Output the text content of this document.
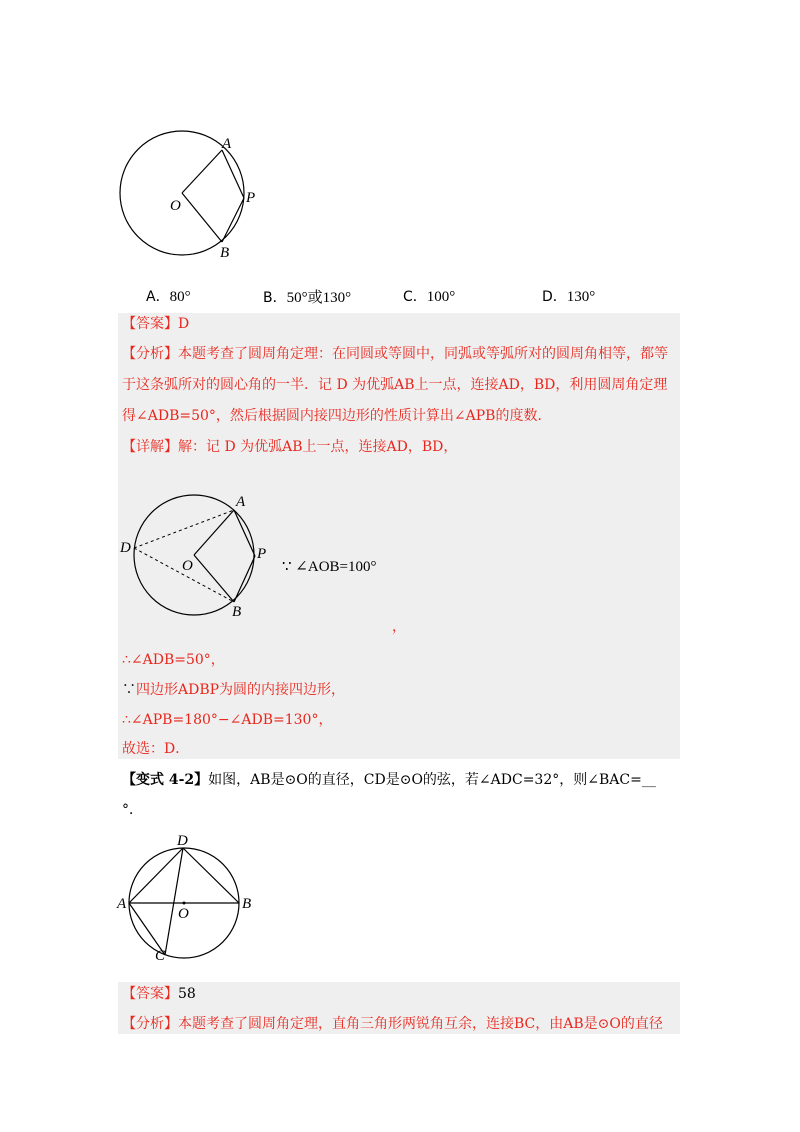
A
O	P
B
A．80°	B．50°或130°	C．100°	D．130°
【答案】D
【分析】本题考查了圆周角定理：在同圆或等圆中，同弧或等弧所对的圆周角相等，都等
于这条弧所对的圆心角的一半．记 D 为优弧AB上一点，连接AD，BD，利用圆周角定理
得∠ADB=50°，然后根据圆内接四边形的性质计算出∠APB的度数．
【详解】解：记 D 为优弧AB上一点，连接AD，BD，
A
D
O
P
B
∵ ∠AOB=100°
，
∴∠ADB=50°，
∵四边形ADBP为圆的内接四边形，
∴∠APB=180°−∠ADB=130°，
故选：D．
【变式 4-2】如图，AB是⊙O的直径，CD是⊙O的弦，若∠ADC=32°，则∠BAC=__
°．
D
A
O
B
C
【答案】58
【分析】本题考查了圆周角定理，直角三角形两锐角互余，连接BC，由AB是⊙O的直径
